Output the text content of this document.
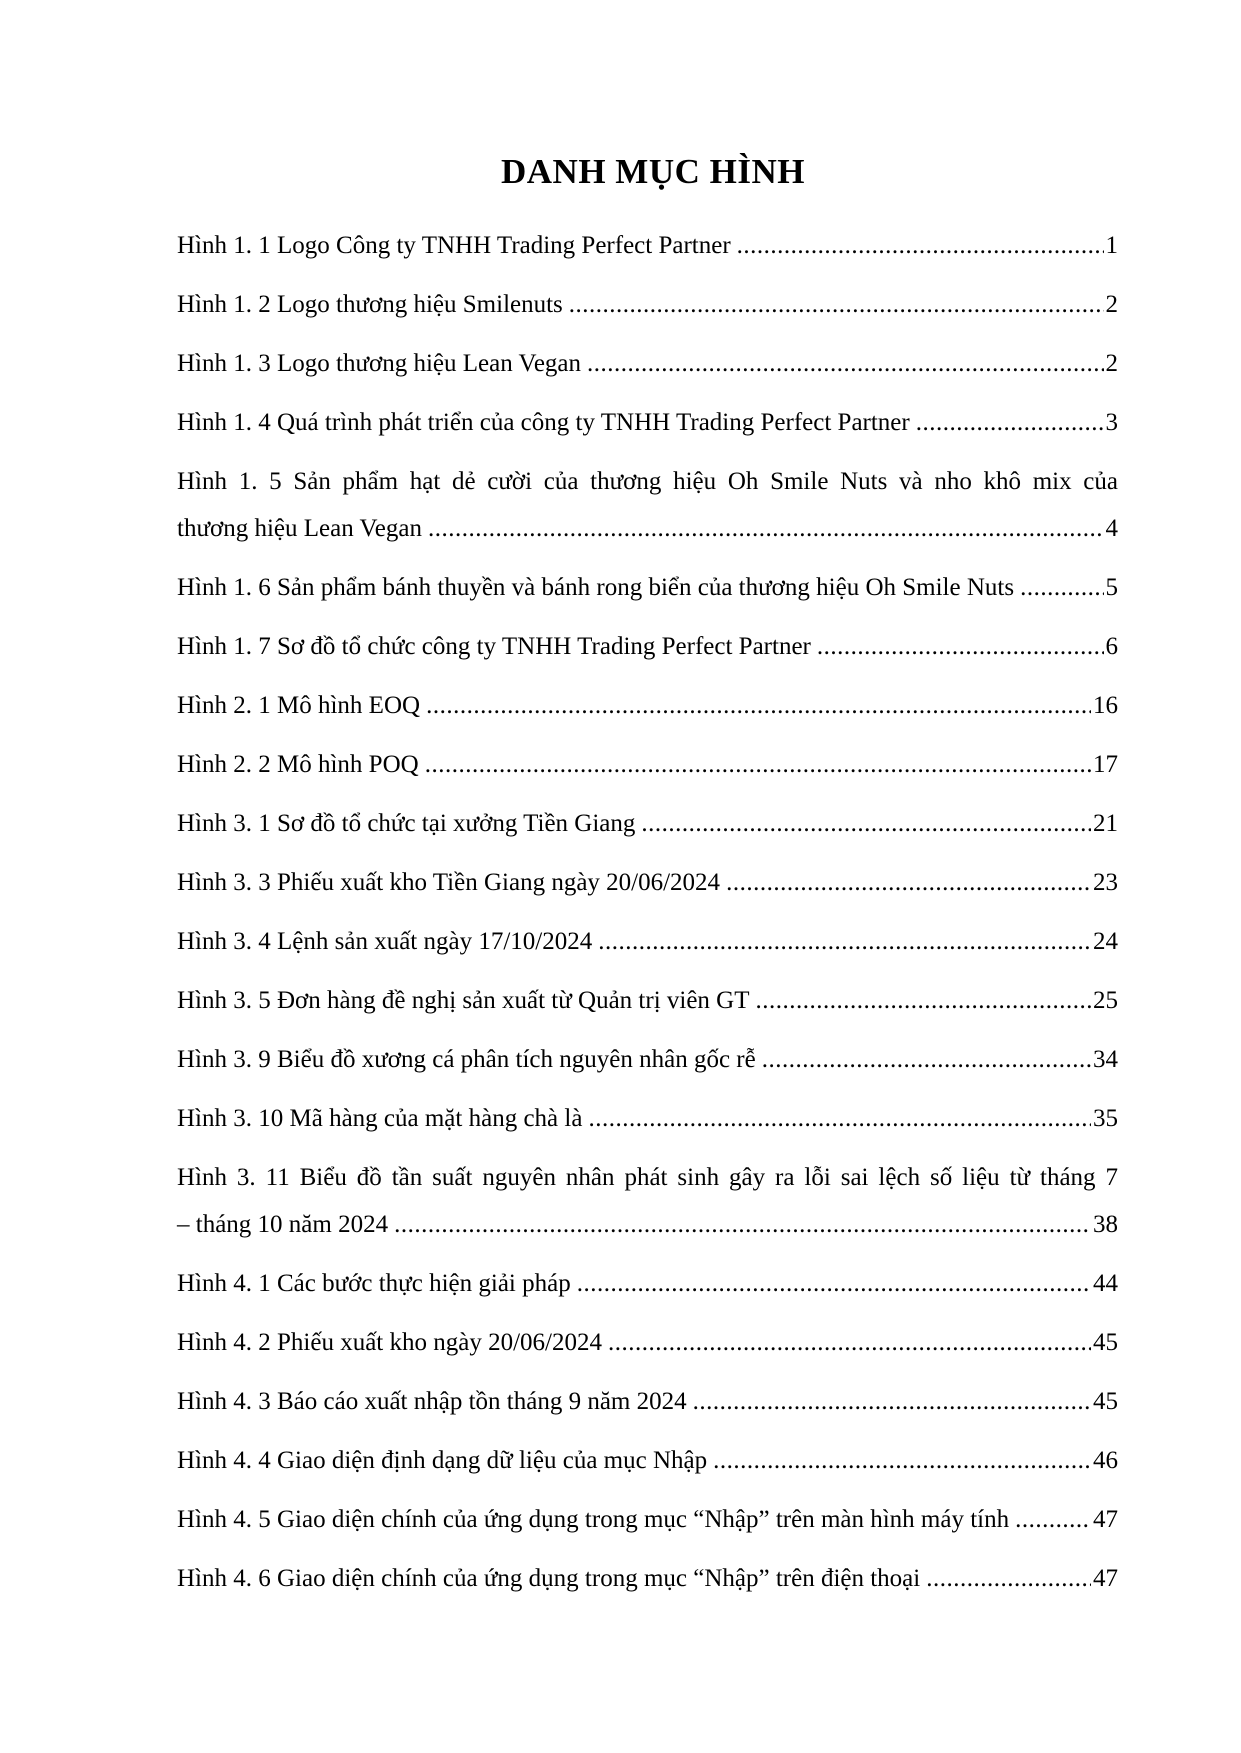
DANH MỤC HÌNH
Hình 1. 1 Logo Công ty TNHH Trading Perfect Partner .....	1
Hình 1. 2 Logo thương hiệu Smilenuts .....	2
Hình 1. 3 Logo thương hiệu Lean Vegan .....	2
Hình 1. 4 Quá trình phát triển của công ty TNHH Trading Perfect Partner .....	3
Hình 1. 5 Sản phẩm hạt dẻ cười của thương hiệu Oh Smile Nuts và nho khô mix của
thương hiệu Lean Vegan .....	4
Hình 1. 6 Sản phẩm bánh thuyền và bánh rong biển của thương hiệu Oh Smile Nuts .....	5
Hình 1. 7 Sơ đồ tổ chức công ty TNHH Trading Perfect Partner .....	6
Hình 2. 1 Mô hình EOQ .....	16
Hình 2. 2 Mô hình POQ .....	17
Hình 3. 1 Sơ đồ tổ chức tại xưởng Tiền Giang .....	21
Hình 3. 3 Phiếu xuất kho Tiền Giang ngày 20/06/2024 .....	23
Hình 3. 4 Lệnh sản xuất ngày 17/10/2024 .....	24
Hình 3. 5 Đơn hàng đề nghị sản xuất từ Quản trị viên GT .....	25
Hình 3. 9 Biểu đồ xương cá phân tích nguyên nhân gốc rễ .....	34
Hình 3. 10 Mã hàng của mặt hàng chà là .....	35
Hình 3. 11 Biểu đồ tần suất nguyên nhân phát sinh gây ra lỗi sai lệch số liệu từ tháng 7
– tháng 10 năm 2024 .....	38
Hình 4. 1 Các bước thực hiện giải pháp .....	44
Hình 4. 2 Phiếu xuất kho ngày 20/06/2024 .....	45
Hình 4. 3 Báo cáo xuất nhập tồn tháng 9 năm 2024 .....	45
Hình 4. 4 Giao diện định dạng dữ liệu của mục Nhập .....	46
Hình 4. 5 Giao diện chính của ứng dụng trong mục “Nhập” trên màn hình máy tính .....	47
Hình 4. 6 Giao diện chính của ứng dụng trong mục “Nhập” trên điện thoại .....	47
